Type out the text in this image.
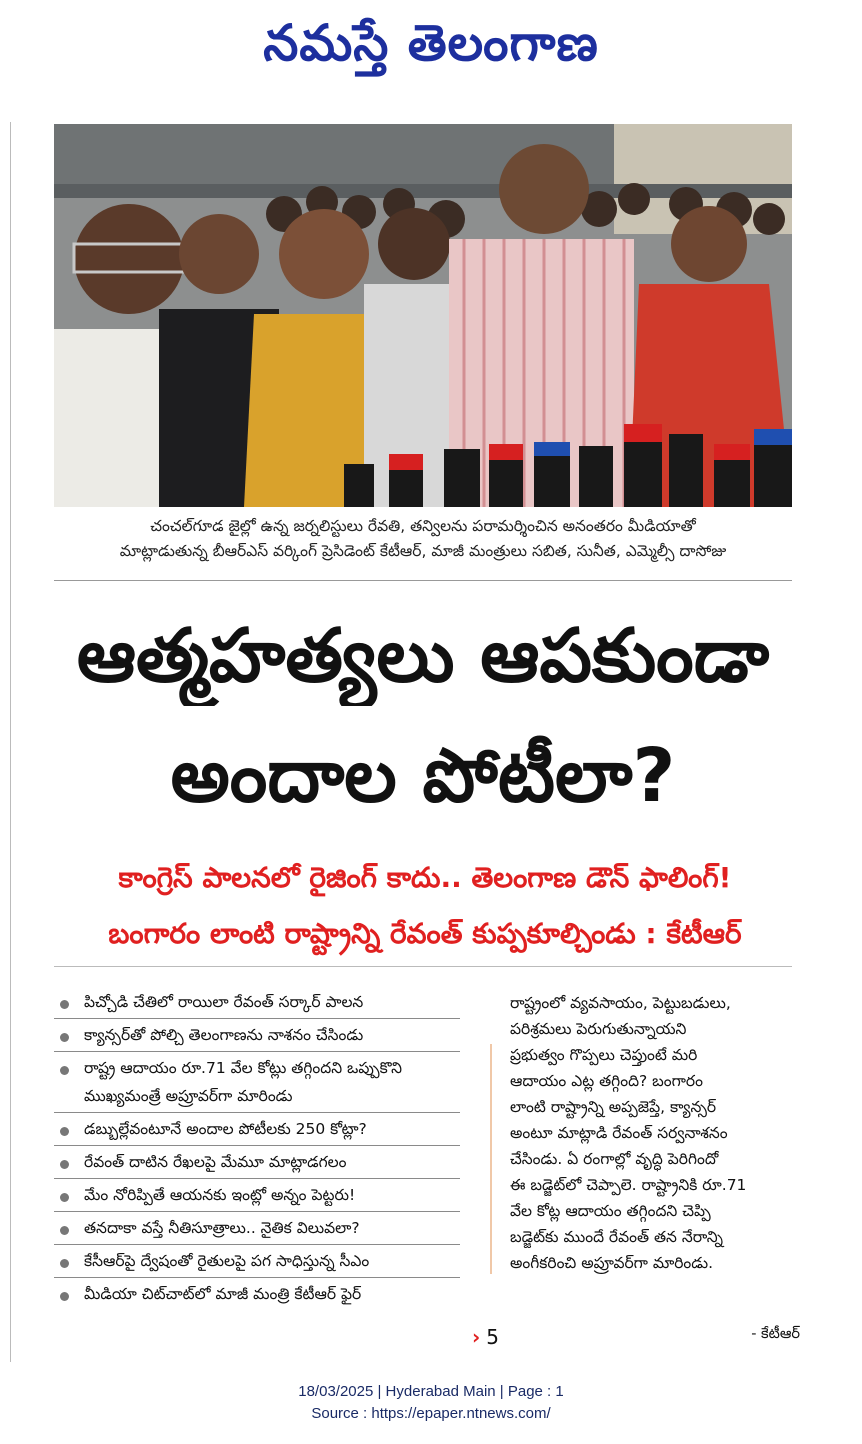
నమస్తే తెలంగాణ
చంచల్‌గూడ జైల్లో ఉన్న జర్నలిస్టులు రేవతి, తన్విలను పరామర్శించిన అనంతరం మీడియాతో
మాట్లాడుతున్న బీఆర్‌ఎస్ వర్కింగ్ ప్రెసిడెంట్ కేటీఆర్, మాజీ మంత్రులు సబిత, సునీత, ఎమ్మెల్సీ దాసోజు
ఆత్మహత్యలు ఆపకుండా
అందాల పోటీలా?
కాంగ్రెస్ పాలనలో రైజింగ్ కాదు.. తెలంగాణ డౌన్ ఫాలింగ్!
బంగారం లాంటి రాష్ట్రాన్ని రేవంత్ కుప్పకూల్చిండు : కేటీఆర్
పిచ్చోడి చేతిలో రాయిలా రేవంత్ సర్కార్ పాలన
క్యాన్సర్‌తో పోల్చి తెలంగాణను నాశనం చేసిండు
రాష్ట్ర ఆదాయం రూ.71 వేల కోట్లు తగ్గిందని ఒప్పుకొని ముఖ్యమంత్రే అప్రూవర్‌గా మారిండు
డబ్బుల్లేవంటూనే అందాల పోటీలకు 250 కోట్లా?
రేవంత్ దాటిన రేఖలపై మేమూ మాట్లాడగలం
మేం నోరిప్పితే ఆయనకు ఇంట్లో అన్నం పెట్టరు!
తనదాకా వస్తే నీతిసూత్రాలు.. నైతిక విలువలా?
కేసీఆర్‌పై ద్వేషంతో రైతులపై పగ సాధిస్తున్న సీఎం
మీడియా చిట్‌చాట్‌లో మాజీ మంత్రి కేటీఆర్ ఫైర్
రాష్ట్రంలో వ్యవసాయం, పెట్టుబడులు,
పరిశ్రమలు పెరుగుతున్నాయని
ప్రభుత్వం గొప్పలు చెప్తుంటే మరి
ఆదాయం ఎట్ల తగ్గింది? బంగారం
లాంటి రాష్ట్రాన్ని అప్పజెప్తే, క్యాన్సర్
అంటూ మాట్లాడి రేవంత్ సర్వనాశనం
చేసిండు. ఏ రంగాల్లో వృద్ధి పెరిగిందో
ఈ బడ్జెట్‌లో చెప్పాలె. రాష్ట్రానికి రూ.71
వేల కోట్ల ఆదాయం తగ్గిందని చెప్పి
బడ్జెట్‌కు ముందే రేవంత్ తన నేరాన్ని
అంగీకరించి అప్రూవర్‌గా మారిండు.
› 5	- కేటీఆర్
18/03/2025 | Hyderabad Main | Page : 1
Source : https://epaper.ntnews.com/
